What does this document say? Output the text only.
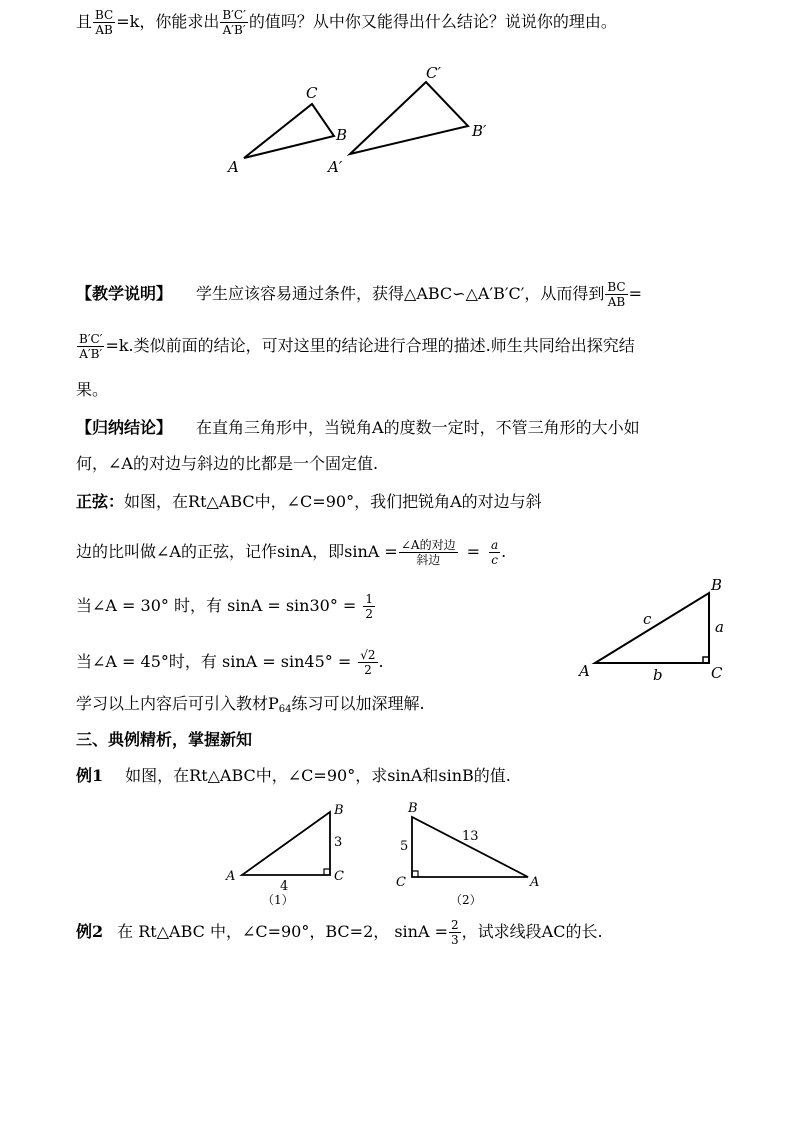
且 $\frac{BC}{AB} =k$，你能求出 $\frac{B'C'}{A'B'}$ 的值吗？从中你又能得出什么结论？说说你的理由。
A
C
B
A′
C′
B′
【教学说明】 学生应该容易通过条件，获得△ABC∽△A′B′C′，从而得到 $\frac{BC}{AB}$ =
$\frac{B'C'}{A'B'} =k$.类似前面的结论，可对这里的结论进行合理的描述.师生共同给出探究结
果。
【归纳结论】 在直角三角形中，当锐角A的度数一定时，不管三角形的大小如
何，∠A的对边与斜边的比都是一个固定值.
正弦：如图，在Rt△ABC中，∠C=90°，我们把锐角A的对边与斜
边的比叫做∠A的正弦，记作sinA，即$\sin A = \frac{\text{∠A的对边}}{\text{斜边}} = \frac{a}{c}$ .
当∠A = 30° 时，有 $\sin A = \sin 30^\circ = \frac{1}{2}$
当∠A = 45°时，有 $\sin A = \sin 45^\circ = \frac{√2}{2}$ .
B
A	C
c	a
b
学习以上内容后可引入教材$P_{64}$练习可以加深理解.
三、典例精析，掌握新知
例1 如图，在Rt△ABC中，∠C=90°，求sinA和sinB的值.
B
A	C
3
4
（1）
B
C	A
5
13
（2）
例2 在 Rt△ABC 中，∠C=90°，BC=2， $\sin A = \frac{2}{3}$ ，试求线段AC的长.
